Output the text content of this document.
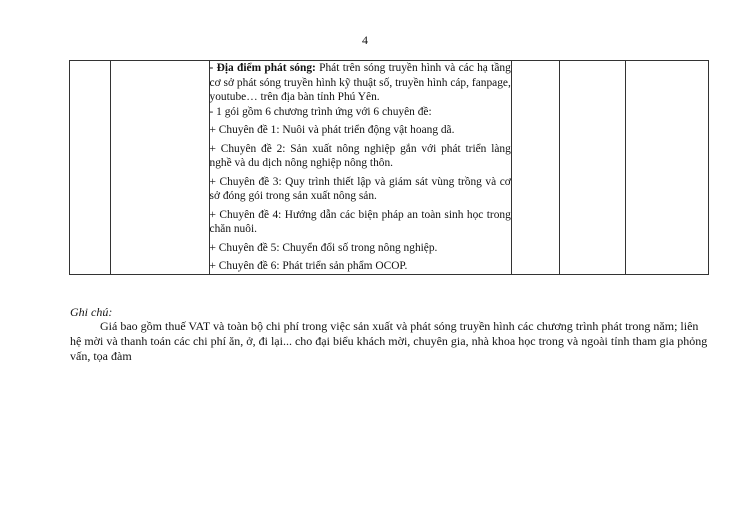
4

- Địa điểm phát sóng: Phát trên sóng truyền hình và các hạ tầng cơ sở phát sóng truyền hình kỹ thuật số, truyền hình cáp, fanpage, youtube… trên địa bàn tỉnh Phú Yên.

- 1 gói gồm 6 chương trình ứng với 6 chuyên đề:

+ Chuyên đề 1: Nuôi và phát triển động vật hoang dã.

+ Chuyên đề 2: Sản xuất nông nghiệp gắn với phát triển làng nghề và du dịch nông nghiệp nông thôn.

+ Chuyên đề 3: Quy trình thiết lập và giám sát vùng trồng và cơ sở đóng gói trong sản xuất nông sản.

+ Chuyên đề 4: Hướng dẫn các biện pháp an toàn sinh học trong chăn nuôi.

+ Chuyên đề 5: Chuyển đổi số trong nông nghiệp.

+ Chuyên đề 6: Phát triển sản phẩm OCOP.

Ghi chú:
Giá bao gồm thuế VAT và toàn bộ chi phí trong việc sản xuất và phát sóng truyền hình các chương trình phát trong năm; liên hệ mời và thanh toán các chi phí ăn, ở, đi lại... cho đại biểu khách mời, chuyên gia, nhà khoa học trong và ngoài tỉnh tham gia phỏng vấn, tọa đàm
